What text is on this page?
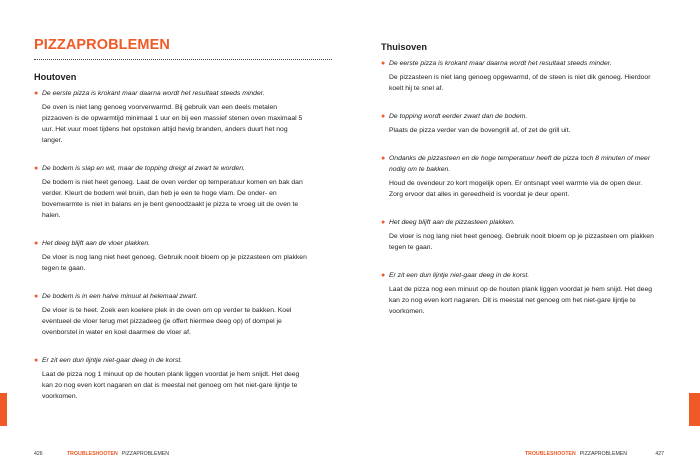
PIZZAPROBLEMEN
Houtoven
● De eerste pizza is krokant maar daarna wordt het resultaat steeds minder.

De oven is niet lang genoeg voorverwarmd. Bij gebruik van een deels metalen pizzaoven is de opwarmtijd minimaal 1 uur en bij een massief stenen oven maximaal 5 uur. Het vuur moet tijdens het opstoken altijd hevig branden, anders duurt het nog langer.

● De bodem is slap en wit, maar de topping dreigt al zwart te worden.

De bodem is niet heet genoeg. Laat de oven verder op temperatuur komen en bak dan verder. Kleurt de bodem wel bruin, dan heb je een te hoge vlam. De onder- en bovenwarmte is niet in balans en je bent genoodzaakt je pizza te vroeg uit de oven te halen.

● Het deeg blijft aan de vloer plakken.

De vloer is nog lang niet heet genoeg. Gebruik nooit bloem op je pizzasteen om plakken tegen te gaan.

● De bodem is in een halve minuut al helemaal zwart.

De vloer is te heet. Zoek een koelere plek in de oven om op verder te bakken. Koel eventueel de vloer terug met pizzadeeg (je offert hiermee deeg op) of dompel je ovenborstel in water en koel daarmee de vloer af.

● Er zit een dun lijntje niet-gaar deeg in de korst.

Laat de pizza nog 1 minuut op de houten plank liggen voordat je hem snijdt. Het deeg kan zo nog even kort nagaren en dat is meestal net genoeg om het niet-gare lijntje te voorkomen.

426	TROUBLESHOOTEN PIZZAPROBLEMEN

Thuisoven
● De eerste pizza is krokant maar daarna wordt het resultaat steeds minder.

De pizzasteen is niet lang genoeg opgewarmd, of de steen is niet dik genoeg. Hierdoor koelt hij te snel af.

● De topping wordt eerder zwart dan de bodem.

Plaats de pizza verder van de bovengrill af, of zet de grill uit.

● Ondanks de pizzasteen en de hoge temperatuur heeft de pizza toch 8 minuten of meer nodig om te bakken.

Houd de ovendeur zo kort mogelijk open. Er ontsnapt veel warmte via de open deur. Zorg ervoor dat alles in gereedheid is voordat je deur opent.

● Het deeg blijft aan de pizzasteen plakken.

De vloer is nog lang niet heet genoeg. Gebruik nooit bloem op je pizzasteen om plakken tegen te gaan.

● Er zit een dun lijntje niet-gaar deeg in de korst.

Laat de pizza nog een minuut op de houten plank liggen voordat je hem snijd. Het deeg kan zo nog even kort nagaren. Dit is meestal net genoeg om het niet-gare lijntje te voorkomen.

TROUBLESHOOTEN PIZZAPROBLEMEN	427
